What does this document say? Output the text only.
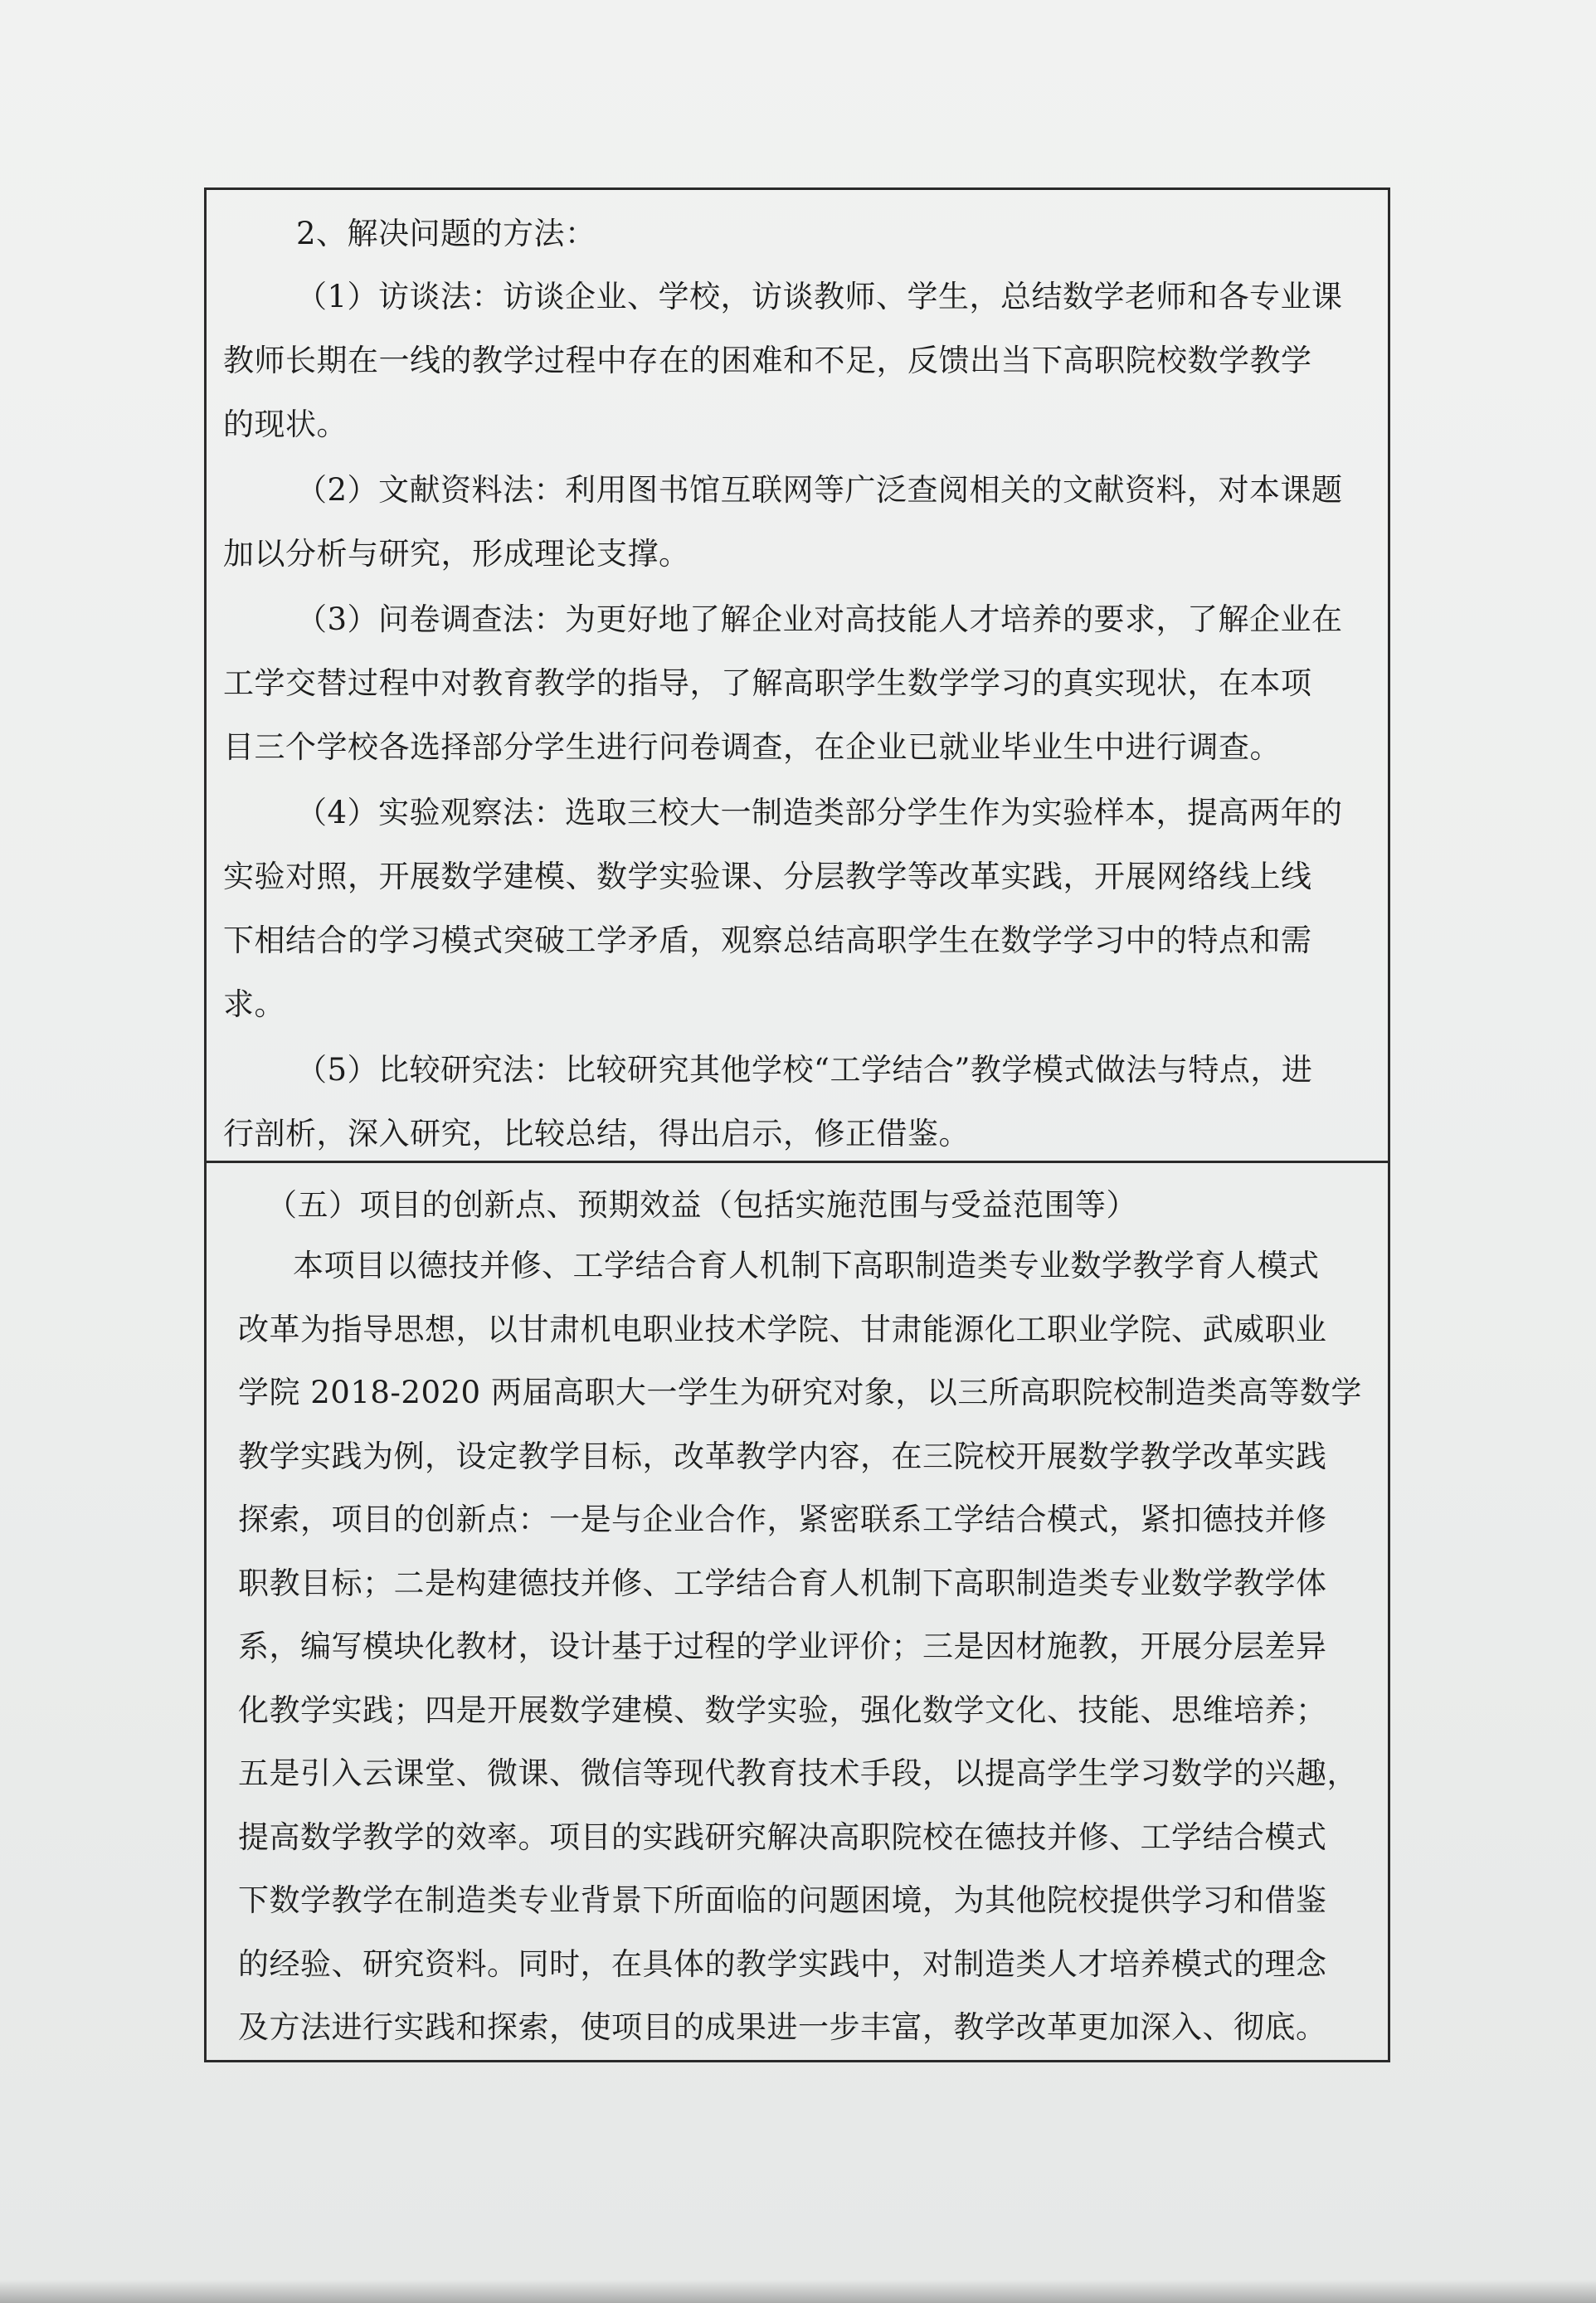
2、解决问题的方法：

（1）访谈法：访谈企业、学校，访谈教师、学生，总结数学老师和各专业课

教师长期在一线的教学过程中存在的困难和不足，反馈出当下高职院校数学教学

的现状。

（2）文献资料法：利用图书馆互联网等广泛查阅相关的文献资料，对本课题

加以分析与研究，形成理论支撑。

（3）问卷调查法：为更好地了解企业对高技能人才培养的要求，了解企业在

工学交替过程中对教育教学的指导，了解高职学生数学学习的真实现状，在本项

目三个学校各选择部分学生进行问卷调查，在企业已就业毕业生中进行调查。

（4）实验观察法：选取三校大一制造类部分学生作为实验样本，提高两年的

实验对照，开展数学建模、数学实验课、分层教学等改革实践，开展网络线上线

下相结合的学习模式突破工学矛盾，观察总结高职学生在数学学习中的特点和需

求。

（5）比较研究法：比较研究其他学校“工学结合”教学模式做法与特点，进

行剖析，深入研究，比较总结，得出启示，修正借鉴。

（五）项目的创新点、预期效益（包括实施范围与受益范围等）

本项目以德技并修、工学结合育人机制下高职制造类专业数学教学育人模式

改革为指导思想，以甘肃机电职业技术学院、甘肃能源化工职业学院、武威职业

学院 2018-2020 两届高职大一学生为研究对象，以三所高职院校制造类高等数学

教学实践为例，设定教学目标，改革教学内容，在三院校开展数学教学改革实践

探索，项目的创新点：一是与企业合作，紧密联系工学结合模式，紧扣德技并修

职教目标；二是构建德技并修、工学结合育人机制下高职制造类专业数学教学体

系，编写模块化教材，设计基于过程的学业评价；三是因材施教，开展分层差异

化教学实践；四是开展数学建模、数学实验，强化数学文化、技能、思维培养；

五是引入云课堂、微课、微信等现代教育技术手段，以提高学生学习数学的兴趣，

提高数学教学的效率。项目的实践研究解决高职院校在德技并修、工学结合模式

下数学教学在制造类专业背景下所面临的问题困境，为其他院校提供学习和借鉴

的经验、研究资料。同时，在具体的教学实践中，对制造类人才培养模式的理念

及方法进行实践和探索，使项目的成果进一步丰富，教学改革更加深入、彻底。
